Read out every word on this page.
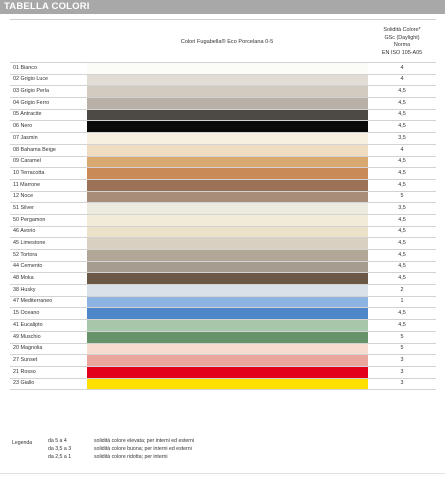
TABELLA COLORI
Colori Fugabella® Eco Porcelana 0-5
Solidità Colore*
GSc (Daylight)
Norma
EN ISO 105-A05
01 Bianco	4
02 Grigio Luce	4
03 Grigio Perla	4,5
04 Grigio Ferro	4,5
05 Antracite	4,5
06 Nero	4,5
07 Jasmin	3,5
08 Bahama Beige	4
09 Caramel	4,5
10 Terracotta	4,5
11 Marrone	4,5
12 Noce	5
51 Silver	3,5
50 Pergamon	4,5
46 Avorio	4,5
45 Limestone	4,5
52 Tortora	4,5
44 Cemento	4,5
48 Moka	4,5
38 Husky	2
47 Mediterraneo	1
15 Oceano	4,5
41 Eucalipto	4,5
49 Muschio	5
20 Magnolia	5
27 Sunset	3
21 Rosso	3
23 Giallo	3
Legenda	da 5 a 4	solidità colore elevata; per interni ed esterni
da 3,5 a 3	solidità colore buona; per interni ed esterni
da 2,5 a 1	solidità colore ridotta; per interni
